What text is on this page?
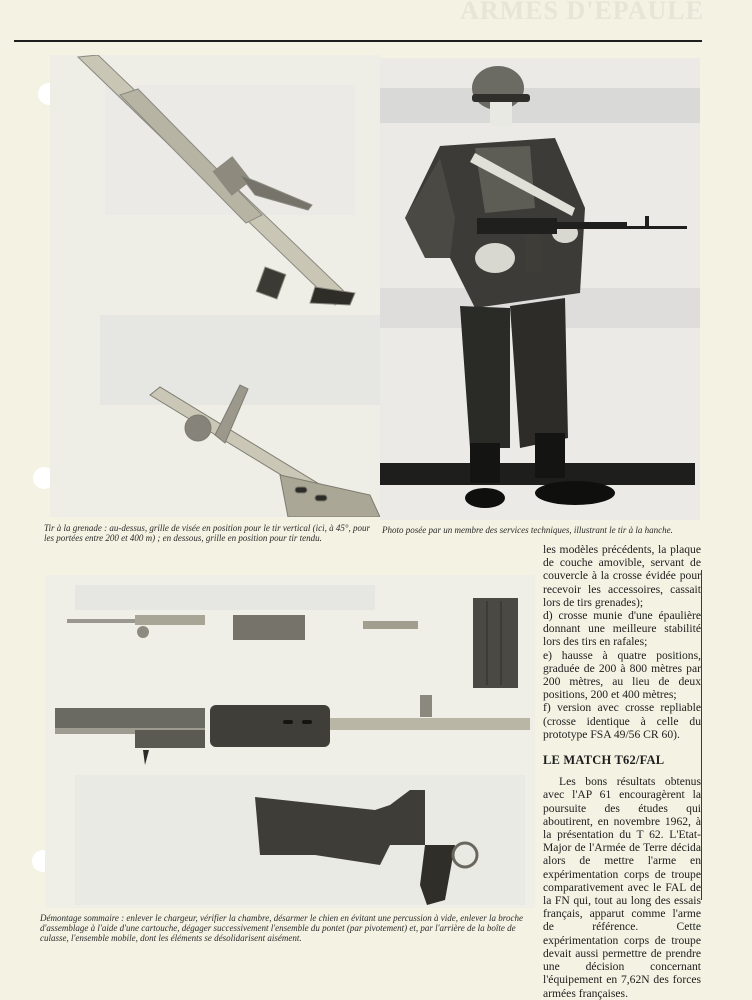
ARMES D'EPAULE
Tir à la grenade : au-dessus, grille de visée en position pour le tir vertical (ici, à 45°, pour les portées entre 200 et 400 m) ; en dessous, grille en position pour tir tendu.
Photo posée par un membre des services techniques, illustrant le tir à la hanche.
Démontage sommaire : enlever le chargeur, vérifier la chambre, désarmer le chien en évitant une percussion à vide, enlever la broche d'assemblage à l'aide d'une cartouche, dégager successivement l'ensemble du pontet (par pivotement) et, par l'arrière de la boîte de culasse, l'ensemble mobile, dont les éléments se désolidarisent aisément.

les modèles précédents, la plaque de couche amovible, servant de couvercle à la crosse évidée pour recevoir les accessoires, cassait lors de tirs grenades);

d) crosse munie d'une épaulière donnant une meilleure stabilité lors des tirs en rafales;

e) hausse à quatre positions, graduée de 200 à 800 mètres par 200 mètres, au lieu de deux positions, 200 et 400 mètres;

f) version avec crosse repliable (crosse identique à celle du prototype FSA 49/56 CR 60).

LE MATCH T62/FAL

Les bons résultats obtenus avec l'AP 61 encouragèrent la poursuite des études qui aboutirent, en novembre 1962, à la présentation du T 62. L'Etat-Major de l'Armée de Terre décida alors de mettre l'arme en expérimentation corps de troupe comparativement avec le FAL de la FN qui, tout au long des essais français, apparut comme l'arme de référence. Cette expérimentation corps de troupe devait aussi permettre de prendre une décision concernant l'équipement en 7,62N des forces armées françaises.
